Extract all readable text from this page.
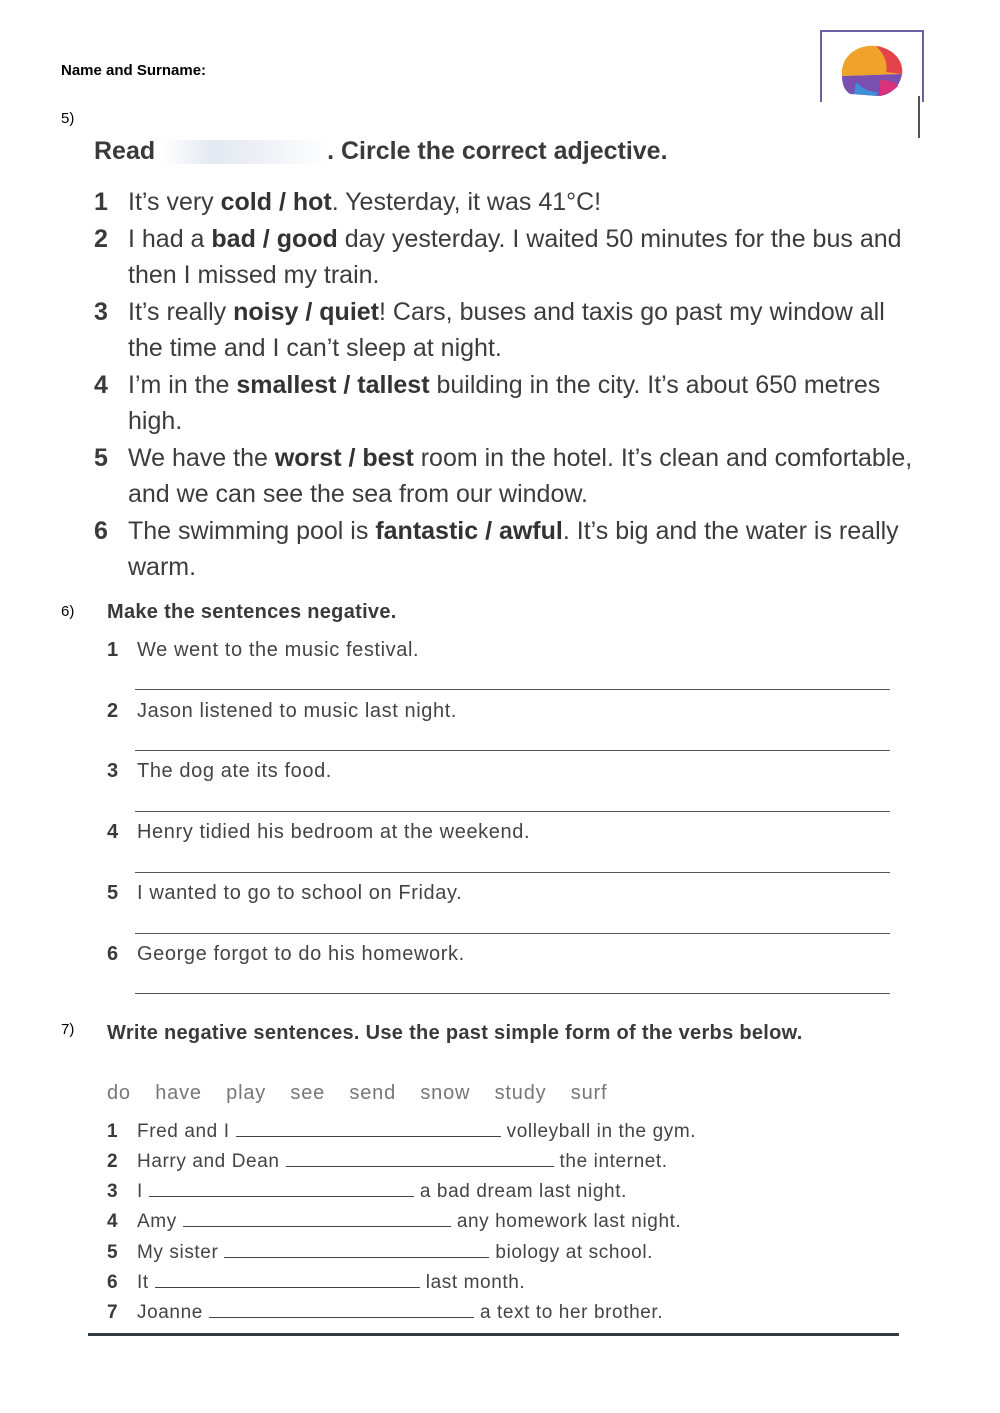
Name and Surname:
5)
Read	. Circle the correct adjective.
1 It’s very cold / hot. Yesterday, it was 41°C!
2 I had a bad / good day yesterday. I waited 50 minutes for the bus and then I missed my train.
3 It’s really noisy / quiet! Cars, buses and taxis go past my window all the time and I can’t sleep at night.
4 I’m in the smallest / tallest building in the city. It’s about 650 metres high.
5 We have the worst / best room in the hotel. It’s clean and comfortable, and we can see the sea from our window.
6 The swimming pool is fantastic / awful. It’s big and the water is really warm.
6) Make the sentences negative.
1 We went to the music festival.
2 Jason listened to music last night.
3 The dog ate its food.
4 Henry tidied his bedroom at the weekend.
5 I wanted to go to school on Friday.
6 George forgot to do his homework.
7) Write negative sentences. Use the past simple form of the verbs below.
do have play see send snow study surf
1 Fred and I	volleyball in the gym.
2 Harry and Dean	the internet.
3 I	a bad dream last night.
4 Amy	any homework last night.
5 My sister	biology at school.
6 It	last month.
7 Joanne	a text to her brother.
